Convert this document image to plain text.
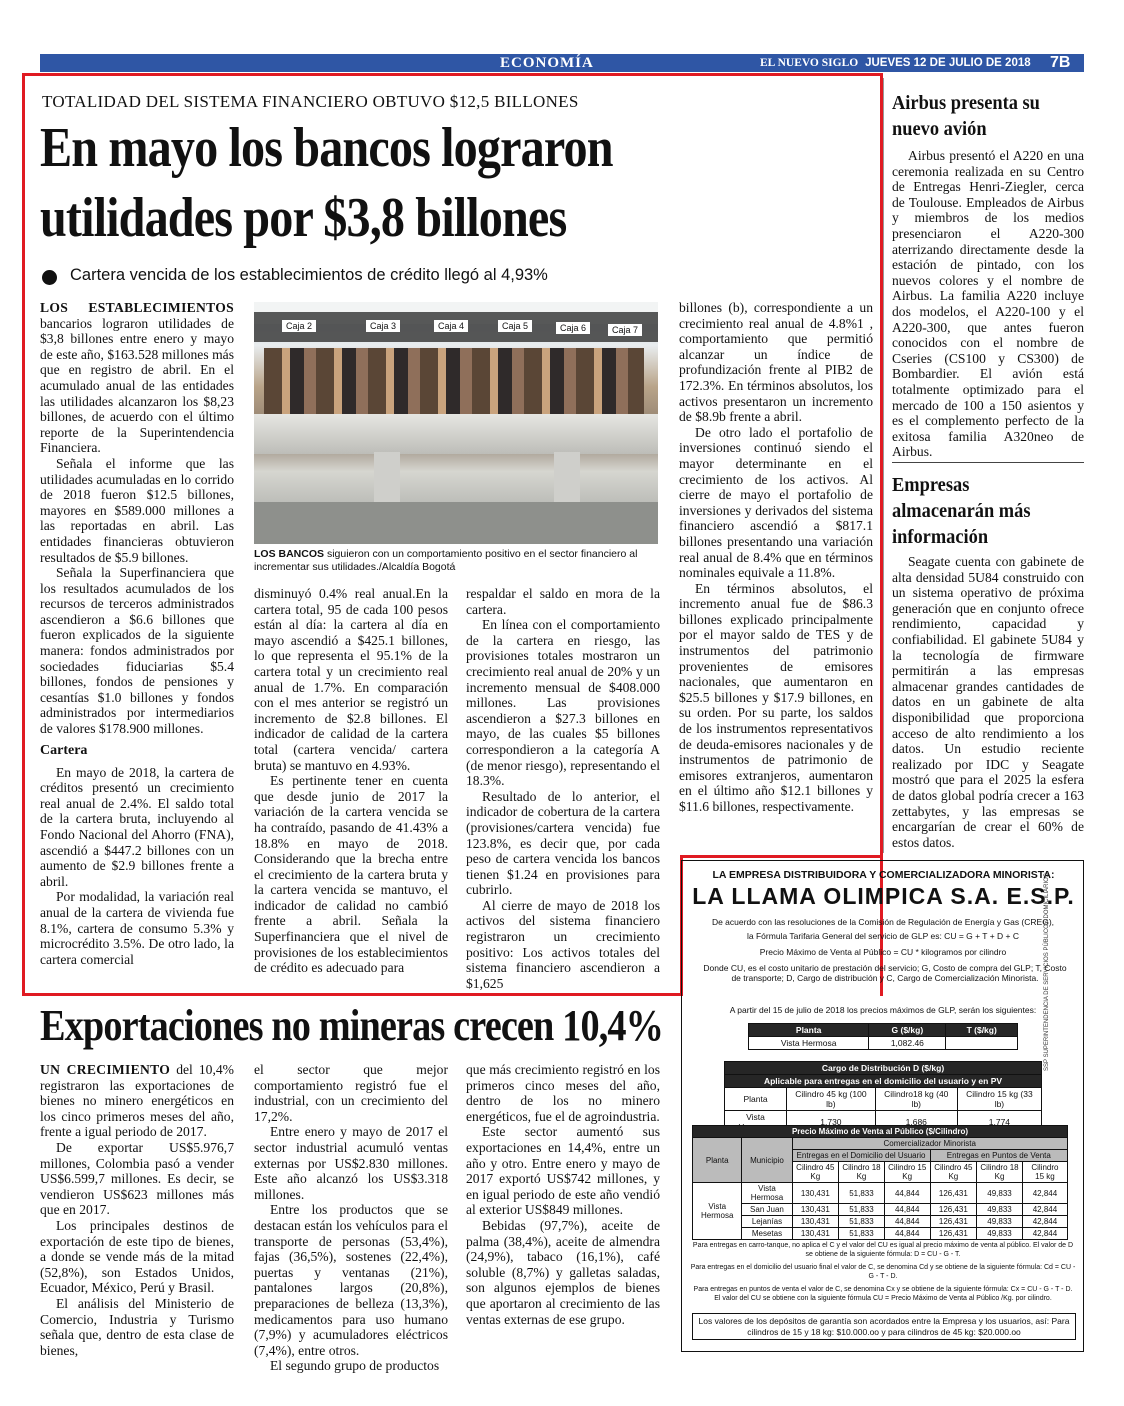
ECONOMÍA	EL NUEVO SIGLO JUEVES 12 DE JULIO DE 2018 7B
TOTALIDAD DEL SISTEMA FINANCIERO OBTUVO $12,5 BILLONES
En mayo los bancos lograron
utilidades por $3,8 billones
Cartera vencida de los establecimientos de crédito llegó al 4,93%

LOS ESTABLECIMIENTOS bancarios lograron utilidades de $3,8 billones entre enero y mayo de este año, $163.528 millones más que en registro de abril. En el acumulado anual de las entidades las utilidades alcanzaron los $8,23 billones, de acuerdo con el último reporte de la Superintendencia Financiera.

Señala el informe que las utilidades acumuladas en lo corrido de 2018 fueron $12.5 billones, mayores en $589.000 millones a las reportadas en abril. Las entidades financieras obtuvieron resultados de $5.9 billones.

Señala la Superfinanciera que los resultados acumulados de los recursos de terceros administrados ascendieron a $6.6 billones que fueron explicados de la siguiente manera: fondos administrados por sociedades fiduciarias $5.4 billones, fondos de pensiones y cesantías $1.0 billones y fondos administrados por intermediarios de valores $178.900 millones.

Cartera

En mayo de 2018, la cartera de créditos presentó un crecimiento real anual de 2.4%. El saldo total de la cartera bruta, incluyendo al Fondo Nacional del Ahorro (FNA), ascendió a $447.2 billones con un aumento de $2.9 billones frente a abril.

Por modalidad, la variación real anual de la cartera de vivienda fue 8.1%, cartera de consumo 5.3% y microcrédito 3.5%. De otro lado, la cartera comercial

Caja 2	Caja 3	Caja 4	Caja 5	Caja 6	Caja 7
LOS BANCOS siguieron con un comportamiento positivo en el sector financiero al incrementar sus utilidades./Alcaldía Bogotá

disminuyó 0.4% real anual.En la cartera total, 95 de cada 100 pesos están al día: la cartera al día en mayo ascendió a $425.1 billones, lo que representa el 95.1% de la cartera total y un crecimiento real anual de 1.7%. En comparación con el mes anterior se registró un incremento de $2.8 billones. El indicador de calidad de la cartera total (cartera vencida/ cartera bruta) se mantuvo en 4.93%.

Es pertinente tener en cuenta que desde junio de 2017 la variación de la cartera vencida se ha contraído, pasando de 41.43% a 18.8% en mayo de 2018. Considerando que la brecha entre el crecimiento de la cartera bruta y la cartera vencida se mantuvo, el indicador de calidad no cambió frente a abril. Señala la Superfinanciera que el nivel de provisiones de los establecimientos de crédito es adecuado para

respaldar el saldo en mora de la cartera.

En línea con el comportamiento de la cartera en riesgo, las provisiones totales mostraron un crecimiento real anual de 20% y un incremento mensual de $408.000 millones. Las provisiones ascendieron a $27.3 billones en mayo, de las cuales $5 billones correspondieron a la categoría A (de menor riesgo), representando el 18.3%.

Resultado de lo anterior, el indicador de cobertura de la cartera (provisiones/cartera vencida) fue 123.8%, es decir que, por cada peso de cartera vencida los bancos tienen $1.24 en provisiones para cubrirlo.

Al cierre de mayo de 2018 los activos del sistema financiero registraron un crecimiento positivo: Los activos totales del sistema financiero ascendieron a $1,625

billones (b), correspondiente a un crecimiento real anual de 4.8%1 , comportamiento que permitió alcanzar un índice de profundización frente al PIB2 de 172.3%. En términos absolutos, los activos presentaron un incremento de $8.9b frente a abril.

De otro lado el portafolio de inversiones continuó siendo el mayor determinante en el crecimiento de los activos. Al cierre de mayo el portafolio de inversiones y derivados del sistema financiero ascendió a $817.1 billones presentando una variación real anual de 8.4% que en términos nominales equivale a 11.8%.

En términos absolutos, el incremento anual fue de $86.3 billones explicado principalmente por el mayor saldo de TES y de instrumentos del patrimonio provenientes de emisores nacionales, que aumentaron en $25.5 billones y $17.9 billones, en su orden. Por su parte, los saldos de los instrumentos representativos de deuda-emisores nacionales y de instrumentos de patrimonio de emisores extranjeros, aumentaron en el último año $12.1 billones y $11.6 billones, respectivamente.

Airbus presenta su nuevo avión

Airbus presentó el A220 en una ceremonia realizada en su Centro de Entregas Henri-Ziegler, cerca de Toulouse. Empleados de Airbus y miembros de los medios presenciaron el A220-300 aterrizando directamente desde la estación de pintado, con los nuevos colores y el nombre de Airbus. La familia A220 incluye dos modelos, el A220-100 y el A220-300, que antes fueron conocidos con el nombre de Cseries (CS100 y CS300) de Bombardier. El avión está totalmente optimizado para el mercado de 100 a 150 asientos y es el complemento perfecto de la exitosa familia A320neo de Airbus.

Empresas almacenarán más información

Seagate cuenta con gabinete de alta densidad 5U84 construido con un sistema operativo de próxima generación que en conjunto ofrece rendimiento, capacidad y confiabilidad. El gabinete 5U84 y la tecnología de firmware permitirán a las empresas almacenar grandes cantidades de datos en un gabinete de alta disponibilidad que proporciona acceso de alto rendimiento a los datos. Un estudio reciente realizado por IDC y Seagate mostró que para el 2025 la esfera de datos global podría crecer a 163 zettabytes, y las empresas se encargarían de crear el 60% de estos datos.

Exportaciones no mineras crecen 10,4%

UN CRECIMIENTO del 10,4% registraron las exportaciones de bienes no minero energéticos en los cinco primeros meses del año, frente a igual periodo de 2017.

De exportar US$5.976,7 millones, Colombia pasó a vender US$6.599,7 millones. Es decir, se vendieron US$623 millones más que en 2017.

Los principales destinos de exportación de este tipo de bienes, a donde se vende más de la mitad (52,8%), son Estados Unidos, Ecuador, México, Perú y Brasil.

El análisis del Ministerio de Comercio, Industria y Turismo señala que, dentro de esta clase de bienes,

el sector que mejor comportamiento registró fue el industrial, con un crecimiento del 17,2%.

Entre enero y mayo de 2017 el sector industrial acumuló ventas externas por US$2.830 millones. Este año alcanzó los US$3.318 millones.

Entre los productos que se destacan están los vehículos para el transporte de personas (53,4%), fajas (36,5%), sostenes (22,4%), puertas y ventanas (21%), pantalones largos (20,8%), preparaciones de belleza (13,3%), medicamentos para uso humano (7,9%) y acumuladores eléctricos (7,4%), entre otros.

El segundo grupo de productos

que más crecimiento registró en los primeros cinco meses del año, dentro de los no minero energéticos, fue el de agroindustria.

Este sector aumentó sus exportaciones en 14,4%, entre un año y otro. Entre enero y mayo de 2017 exportó US$742 millones, y en igual periodo de este año vendió al exterior US$849 millones.

Bebidas (97,7%), aceite de palma (38,4%), aceite de almendra (24,9%), tabaco (16,1%), café soluble (8,7%) y galletas saladas, son algunos ejemplos de bienes que aportaron al crecimiento de las ventas externas de ese grupo.

LA EMPRESA DISTRIBUIDORA Y COMERCIALIZADORA MINORISTA:
LA LLAMA OLIMPICA S.A. E.S.P.
De acuerdo con las resoluciones de la Comisión de Regulación de Energía y Gas (CREG),
la Fórmula Tarifaria General del servicio de GLP es: CU = G + T + D + C
Precio Máximo de Venta al Público = CU * kilogramos por cilindro
Donde CU, es el costo unitario de prestación del servicio; G, Costo de compra del GLP; T, Costo de transporte; D, Cargo de distribución y C, Cargo de Comercialización Minorista.
A partir del 15 de julio de 2018 los precios máximos de GLP, serán los siguientes:
Planta	G ($/kg)	T ($/kg)
Vista Hermosa	1,082.46	
Cargo de Distribución D ($/kg)			
Aplicable para entregas en el domicilio del usuario y en PV			
Planta	Cilindro 45 kg (100 lb)	Cilindro18 kg (40 lb)	Cilindro 15 kg (33 lb)
Vista Hermosa	1,730	1,686	1,774
Precio Máximo de Venta al Público ($/Cilindro)							
Planta	Municipio	Comercializador Minorista					
		Entregas en el Domicilio del Usuario			Entregas en Puntos de Venta		
		Cilindro 45 Kg	Cilindro 18 Kg	Cilindro 15 Kg	Cilindro 45 Kg	Cilindro 18 Kg	Cilindro 15 kg
Vista Hermosa	Vista Hermosa	130,431	51,833	44,844	126,431	49,833	42,844
	San Juan	130,431	51,833	44,844	126,431	49,833	42,844
	Lejanías	130,431	51,833	44,844	126,431	49,833	42,844
	Mesetas	130,431	51,833	44,844	126,431	49,833	42,844
Para entregas en carro-tanque, no aplica el C y el valor del CU es igual al precio máximo de venta al público. El valor de D se obtiene de la siguiente fórmula: D = CU - G - T.
Para entregas en el domicilio del usuario final el valor de C, se denomina Cd y se obtiene de la siguiente fórmula: Cd = CU - G - T - D.
Para entregas en puntos de venta el valor de C, se denomina Cx y se obtiene de la siguiente fórmula: Cx = CU - G - T - D. El valor del CU se obtiene con la siguiente fórmula CU = Precio Máximo de Venta al Público /Kg. por cilindro.
Los valores de los depósitos de garantía son acordados entre la Empresa y los usuarios, así: Para cilindros de 15 y 18 kg: $10.000.oo y para cilindros de 45 kg: $20.000.oo
SSP SUPERINTENDENCIA DE SERVICIOS PÚBLICOS DOMICILIARIOS
